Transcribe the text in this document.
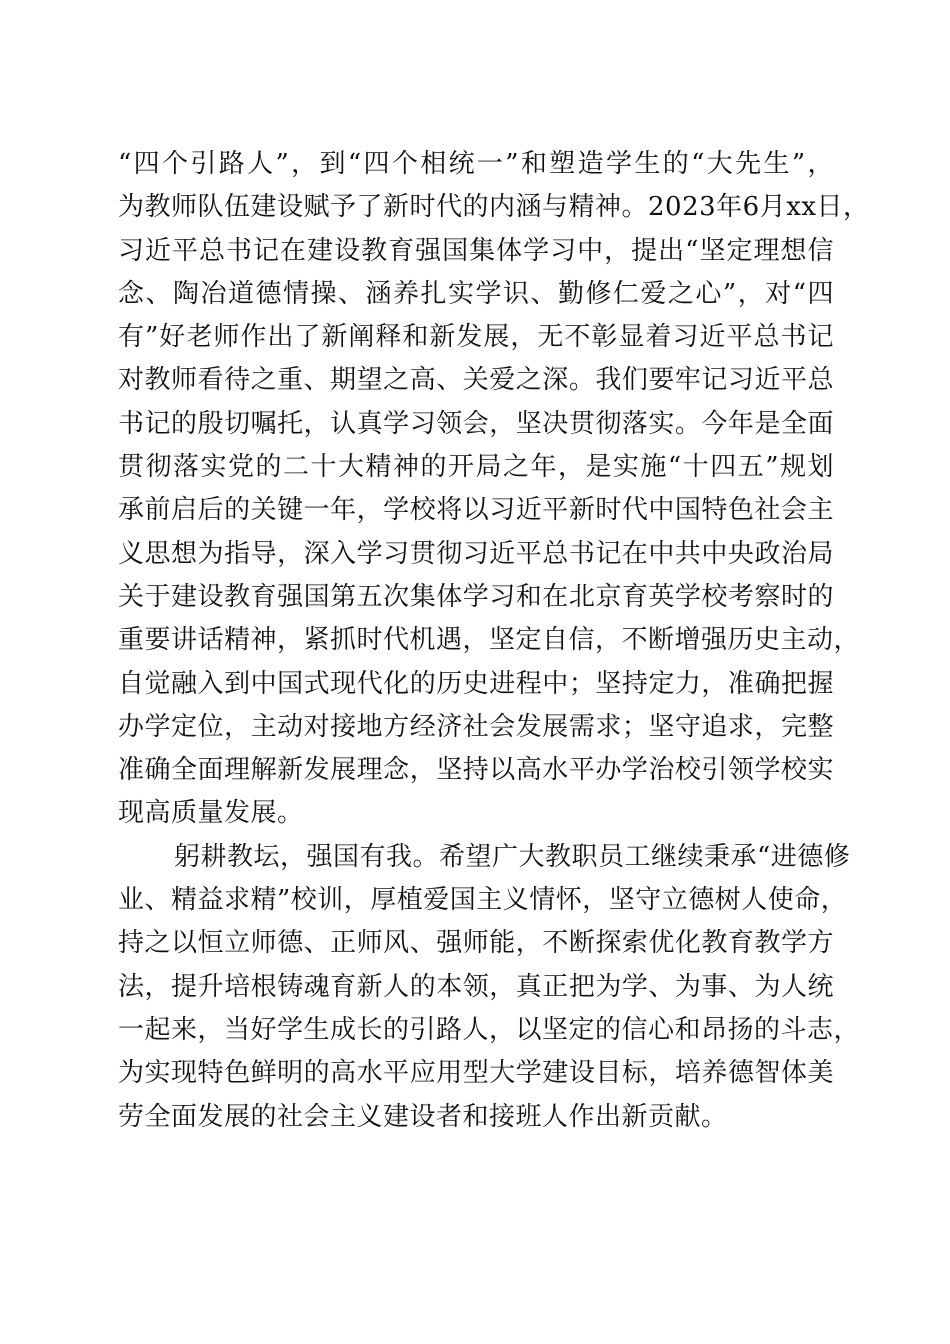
“四个引路人”，到“四个相统一”和塑造学生的“大先生”，
为教师队伍建设赋予了新时代的内涵与精神。2023年6月xx日，
习近平总书记在建设教育强国集体学习中，提出“坚定理想信
念、陶冶道德情操、涵养扎实学识、勤修仁爱之心”，对“四
有”好老师作出了新阐释和新发展，无不彰显着习近平总书记
对教师看待之重、期望之高、关爱之深。我们要牢记习近平总
书记的殷切嘱托，认真学习领会，坚决贯彻落实。今年是全面
贯彻落实党的二十大精神的开局之年，是实施“十四五”规划
承前启后的关键一年，学校将以习近平新时代中国特色社会主
义思想为指导，深入学习贯彻习近平总书记在中共中央政治局
关于建设教育强国第五次集体学习和在北京育英学校考察时的
重要讲话精神，紧抓时代机遇，坚定自信，不断增强历史主动，
自觉融入到中国式现代化的历史进程中；坚持定力，准确把握
办学定位，主动对接地方经济社会发展需求；坚守追求，完整
准确全面理解新发展理念，坚持以高水平办学治校引领学校实
现高质量发展。
躬耕教坛，强国有我。希望广大教职员工继续秉承“进德修
业、精益求精”校训，厚植爱国主义情怀，坚守立德树人使命，
持之以恒立师德、正师风、强师能，不断探索优化教育教学方
法，提升培根铸魂育新人的本领，真正把为学、为事、为人统
一起来，当好学生成长的引路人，以坚定的信心和昂扬的斗志，
为实现特色鲜明的高水平应用型大学建设目标，培养德智体美
劳全面发展的社会主义建设者和接班人作出新贡献。
